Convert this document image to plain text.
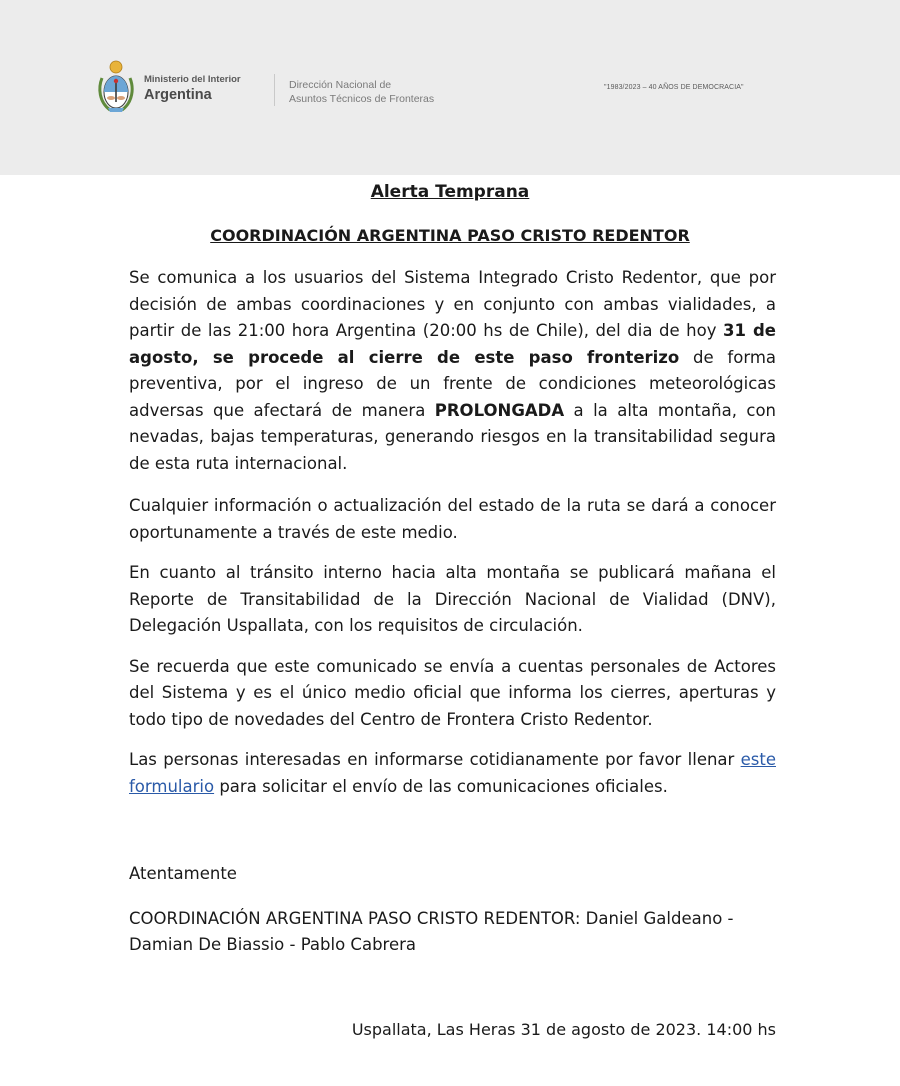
Ministerio del Interior
Argentina
Dirección Nacional de
Asuntos Técnicos de Fronteras
"1983/2023 – 40 AÑOS DE DEMOCRACIA"
Alerta Temprana
COORDINACIÓN ARGENTINA PASO CRISTO REDENTOR

Se comunica a los usuarios del Sistema Integrado Cristo Redentor, que por decisión de ambas coordinaciones y en conjunto con ambas vialidades, a partir de las 21:00 hora Argentina (20:00 hs de Chile), del dia de hoy 31 de agosto, se procede al cierre de este paso fronterizo de forma preventiva, por el ingreso de un frente de condiciones meteorológicas adversas que afectará de manera PROLONGADA a la alta montaña, con nevadas, bajas temperaturas, generando riesgos en la transitabilidad segura de esta ruta internacional.

Cualquier información o actualización del estado de la ruta se dará a conocer oportunamente a través de este medio.

En cuanto al tránsito interno hacia alta montaña se publicará mañana el Reporte de Transitabilidad de la Dirección Nacional de Vialidad (DNV), Delegación Uspallata, con los requisitos de circulación.

Se recuerda que este comunicado se envía a cuentas personales de Actores del Sistema y es el único medio oficial que informa los cierres, aperturas y todo tipo de novedades del Centro de Frontera Cristo Redentor.

Las personas interesadas en informarse cotidianamente por favor llenar este formulario para solicitar el envío de las comunicaciones oficiales.

Atentamente
COORDINACIÓN ARGENTINA PASO CRISTO REDENTOR: Daniel Galdeano - Damian De Biassio - Pablo Cabrera
Uspallata, Las Heras 31 de agosto de 2023. 14:00 hs
